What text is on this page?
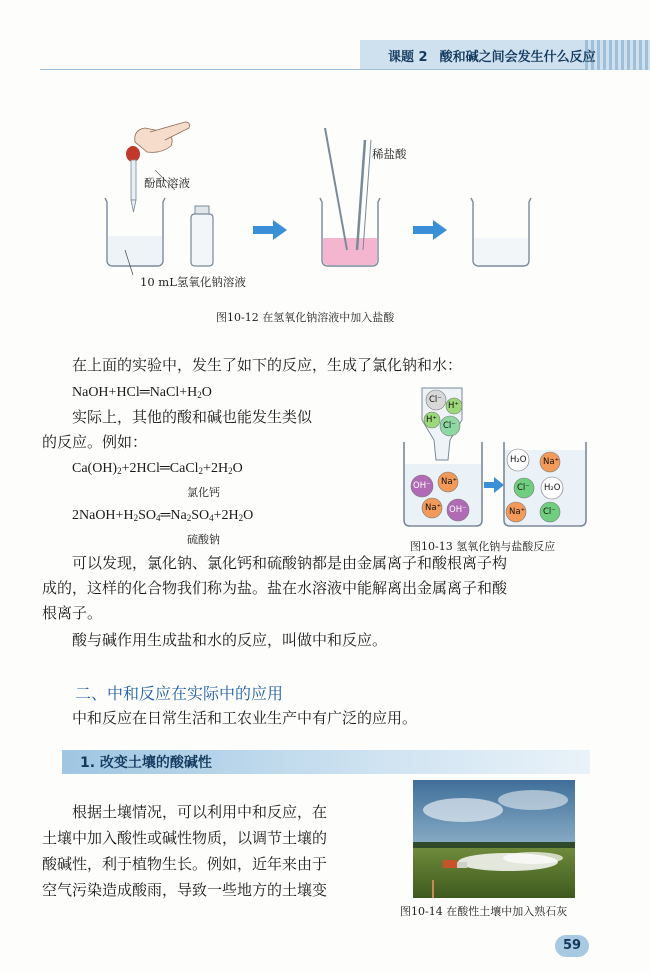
课题 2 酸和碱之间会发生什么反应
酚酞溶液
稀盐酸
10 mL氢氧化钠溶液
图10-12 在氢氧化钠溶液中加入盐酸
在上面的实验中，发生了如下的反应，生成了氯化钠和水：
$NaOH+HCl═NaCl+H_2O$
实际上，其他的酸和碱也能发生类似
的反应。例如：
$Ca(OH)_2+2HCl═CaCl_2+2H_2O$
氯化钙
$2NaOH+H_2SO_4═Na_2SO_4+2H_2O$
硫酸钠
Cl⁻
H⁺
H⁺
Cl⁻
OH⁻ Na⁺
Na⁺ OH⁻
H₂O Na⁺
Cl⁻ H₂O
Na⁺ Cl⁻
图10-13 氢氧化钠与盐酸反应
可以发现，氯化钠、氯化钙和硫酸钠都是由金属离子和酸根离子构
成的，这样的化合物我们称为盐。盐在水溶液中能解离出金属离子和酸
根离子。
酸与碱作用生成盐和水的反应，叫做中和反应。
二、中和反应在实际中的应用
中和反应在日常生活和工农业生产中有广泛的应用。
1. 改变土壤的酸碱性
根据土壤情况，可以利用中和反应，在
土壤中加入酸性或碱性物质，以调节土壤的
酸碱性，利于植物生长。例如，近年来由于
空气污染造成酸雨，导致一些地方的土壤变
图10-14 在酸性土壤中加入熟石灰
59
